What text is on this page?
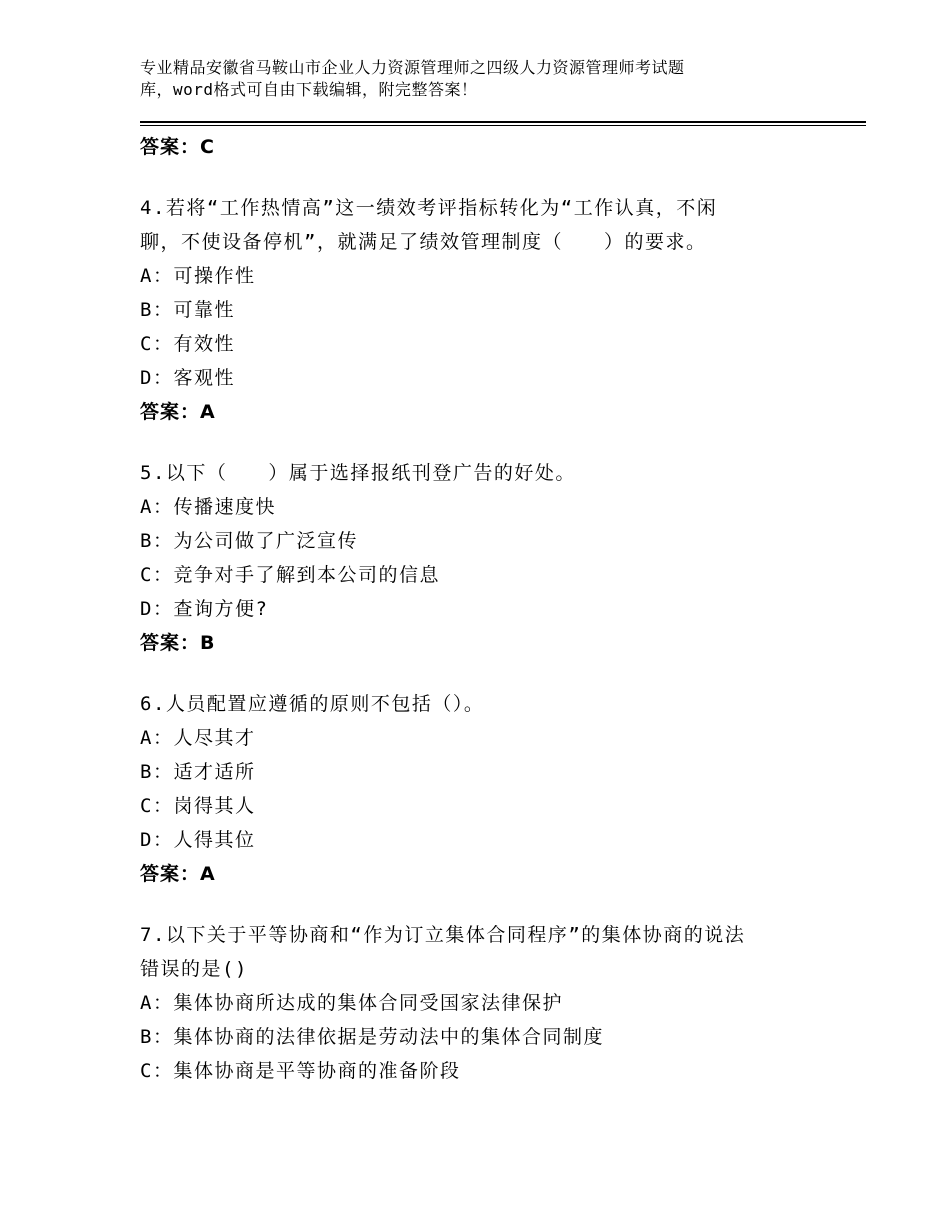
专业精品安徽省马鞍山市企业人力资源管理师之四级人力资源管理师考试题
库，word格式可自由下载编辑，附完整答案！
答案：C
4.若将“工作热情高”这一绩效考评指标转化为“工作认真，不闲
聊，不使设备停机”，就满足了绩效管理制度（　　）的要求。
A：可操作性
B：可靠性
C：有效性
D：客观性
答案：A
5.以下（　　）属于选择报纸刊登广告的好处。
A：传播速度快
B：为公司做了广泛宣传
C：竞争对手了解到本公司的信息
D：查询方便?
答案：B
6.人员配置应遵循的原则不包括（）。
A：人尽其才
B：适才适所
C：岗得其人
D：人得其位
答案：A
7.以下关于平等协商和“作为订立集体合同程序”的集体协商的说法
错误的是()
A：集体协商所达成的集体合同受国家法律保护
B：集体协商的法律依据是劳动法中的集体合同制度
C：集体协商是平等协商的准备阶段
